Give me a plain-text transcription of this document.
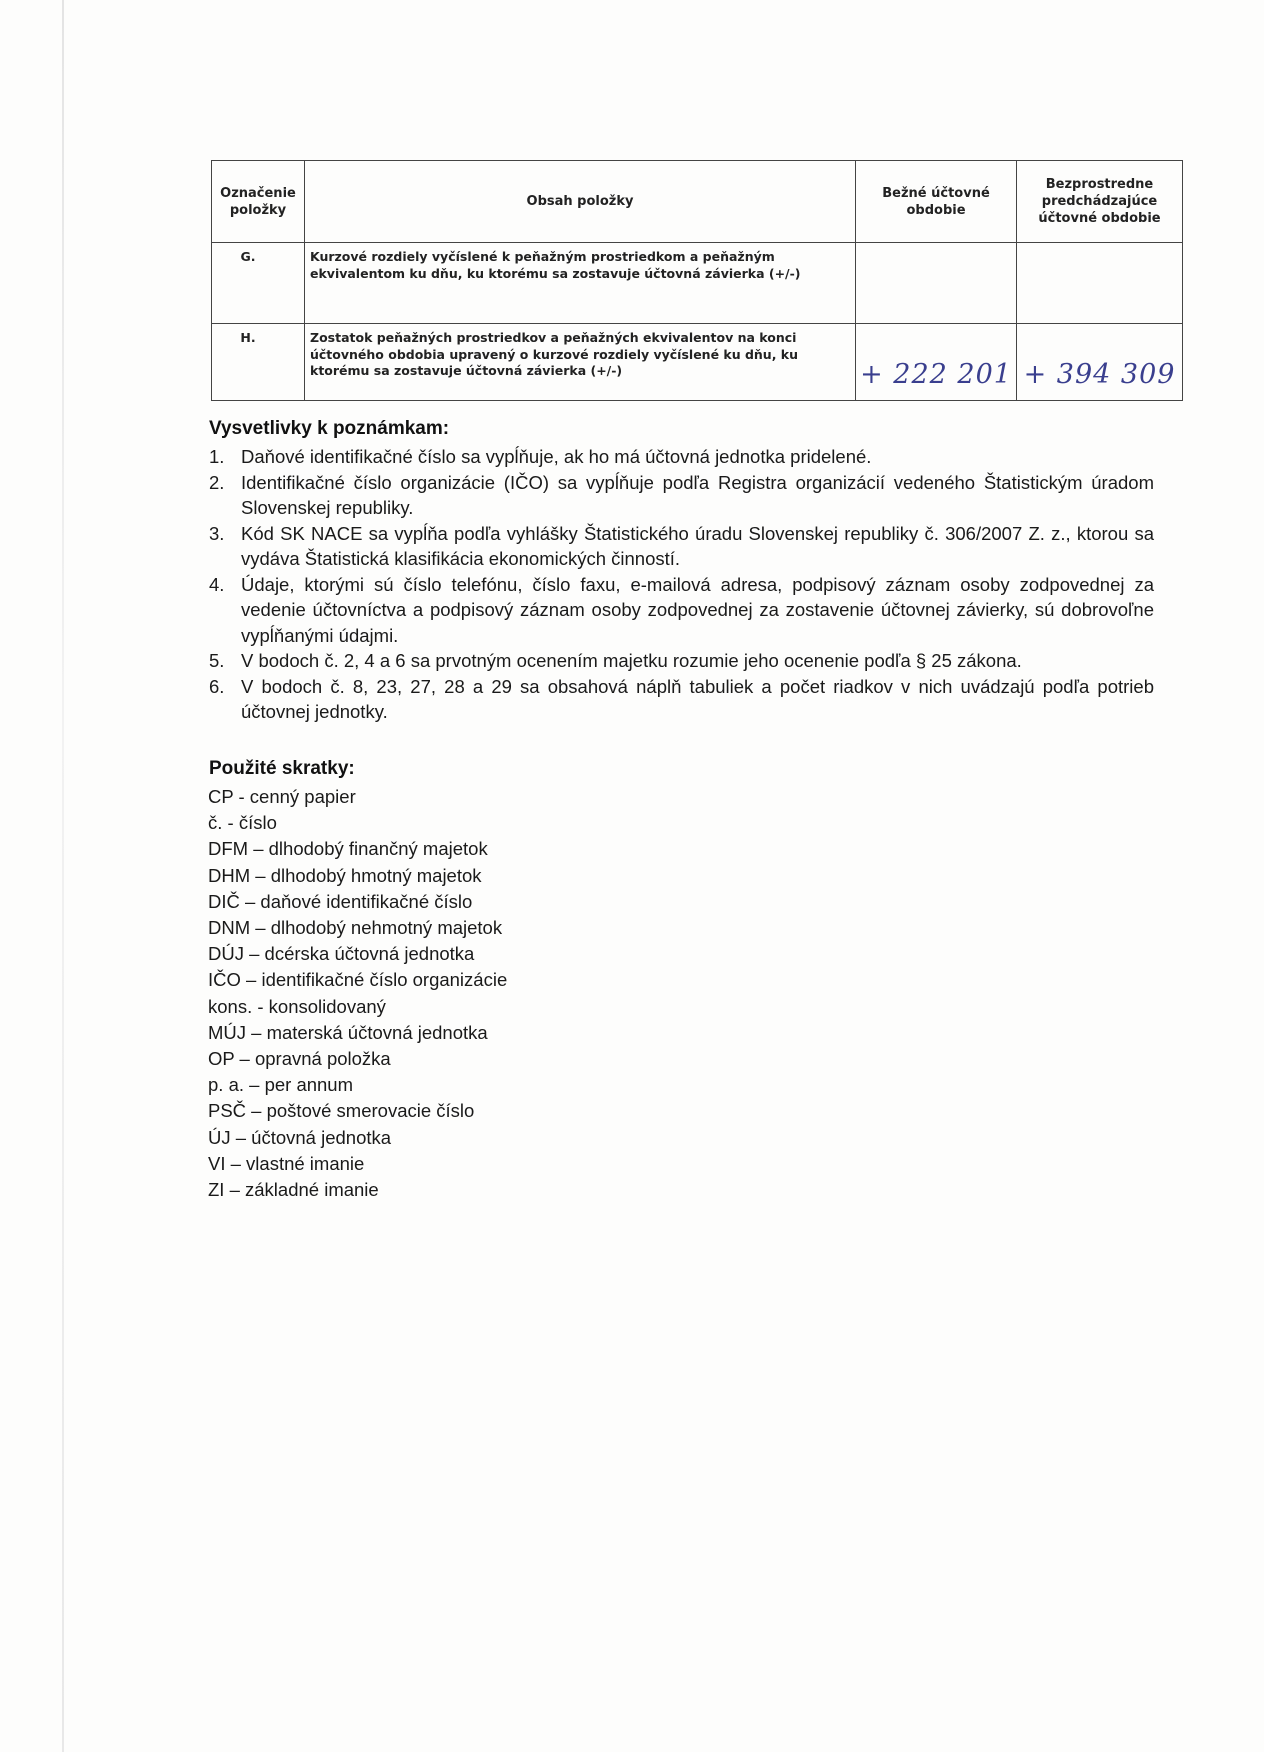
Označenie položky	Obsah položky	Bežné účtovné obdobie	Bezprostredne predchádzajúce účtovné obdobie
G.	Kurzové rozdiely vyčíslené k peňažným prostriedkom a peňažným ekvivalentom ku dňu, ku ktorému sa zostavuje účtovná závierka (+/-)		
H.	Zostatok peňažných prostriedkov a peňažných ekvivalentov na konci účtovného obdobia upravený o kurzové rozdiely vyčíslené ku dňu, ku ktorému sa zostavuje účtovná závierka (+/-)	+ 222 201	+ 394 309
Vysvetlivky k poznámkam:
1. Daňové identifikačné číslo sa vypĺňuje, ak ho má účtovná jednotka pridelené.
2. Identifikačné číslo organizácie (IČO) sa vypĺňuje podľa Registra organizácií vedeného Štatistickým úradom Slovenskej republiky.
3. Kód SK NACE sa vypĺňa podľa vyhlášky Štatistického úradu Slovenskej republiky č. 306/2007 Z. z., ktorou sa vydáva Štatistická klasifikácia ekonomických činností.
4. Údaje, ktorými sú číslo telefónu, číslo faxu, e-mailová adresa, podpisový záznam osoby zodpovednej za vedenie účtovníctva a podpisový záznam osoby zodpovednej za zostavenie účtovnej závierky, sú dobrovoľne vypĺňanými údajmi.
5. V bodoch č. 2, 4 a 6 sa prvotným ocenením majetku rozumie jeho ocenenie podľa § 25 zákona.
6. V bodoch č. 8, 23, 27, 28 a 29 sa obsahová náplň tabuliek a počet riadkov v nich uvádzajú podľa potrieb účtovnej jednotky.
Použité skratky:
CP - cenný papier
č. - číslo
DFM – dlhodobý finančný majetok
DHM – dlhodobý hmotný majetok
DIČ – daňové identifikačné číslo
DNM – dlhodobý nehmotný majetok
DÚJ – dcérska účtovná jednotka
IČO – identifikačné číslo organizácie
kons. - konsolidovaný
MÚJ – materská účtovná jednotka
OP – opravná položka
p. a. – per annum
PSČ – poštové smerovacie číslo
ÚJ – účtovná jednotka
VI – vlastné imanie
ZI – základné imanie
